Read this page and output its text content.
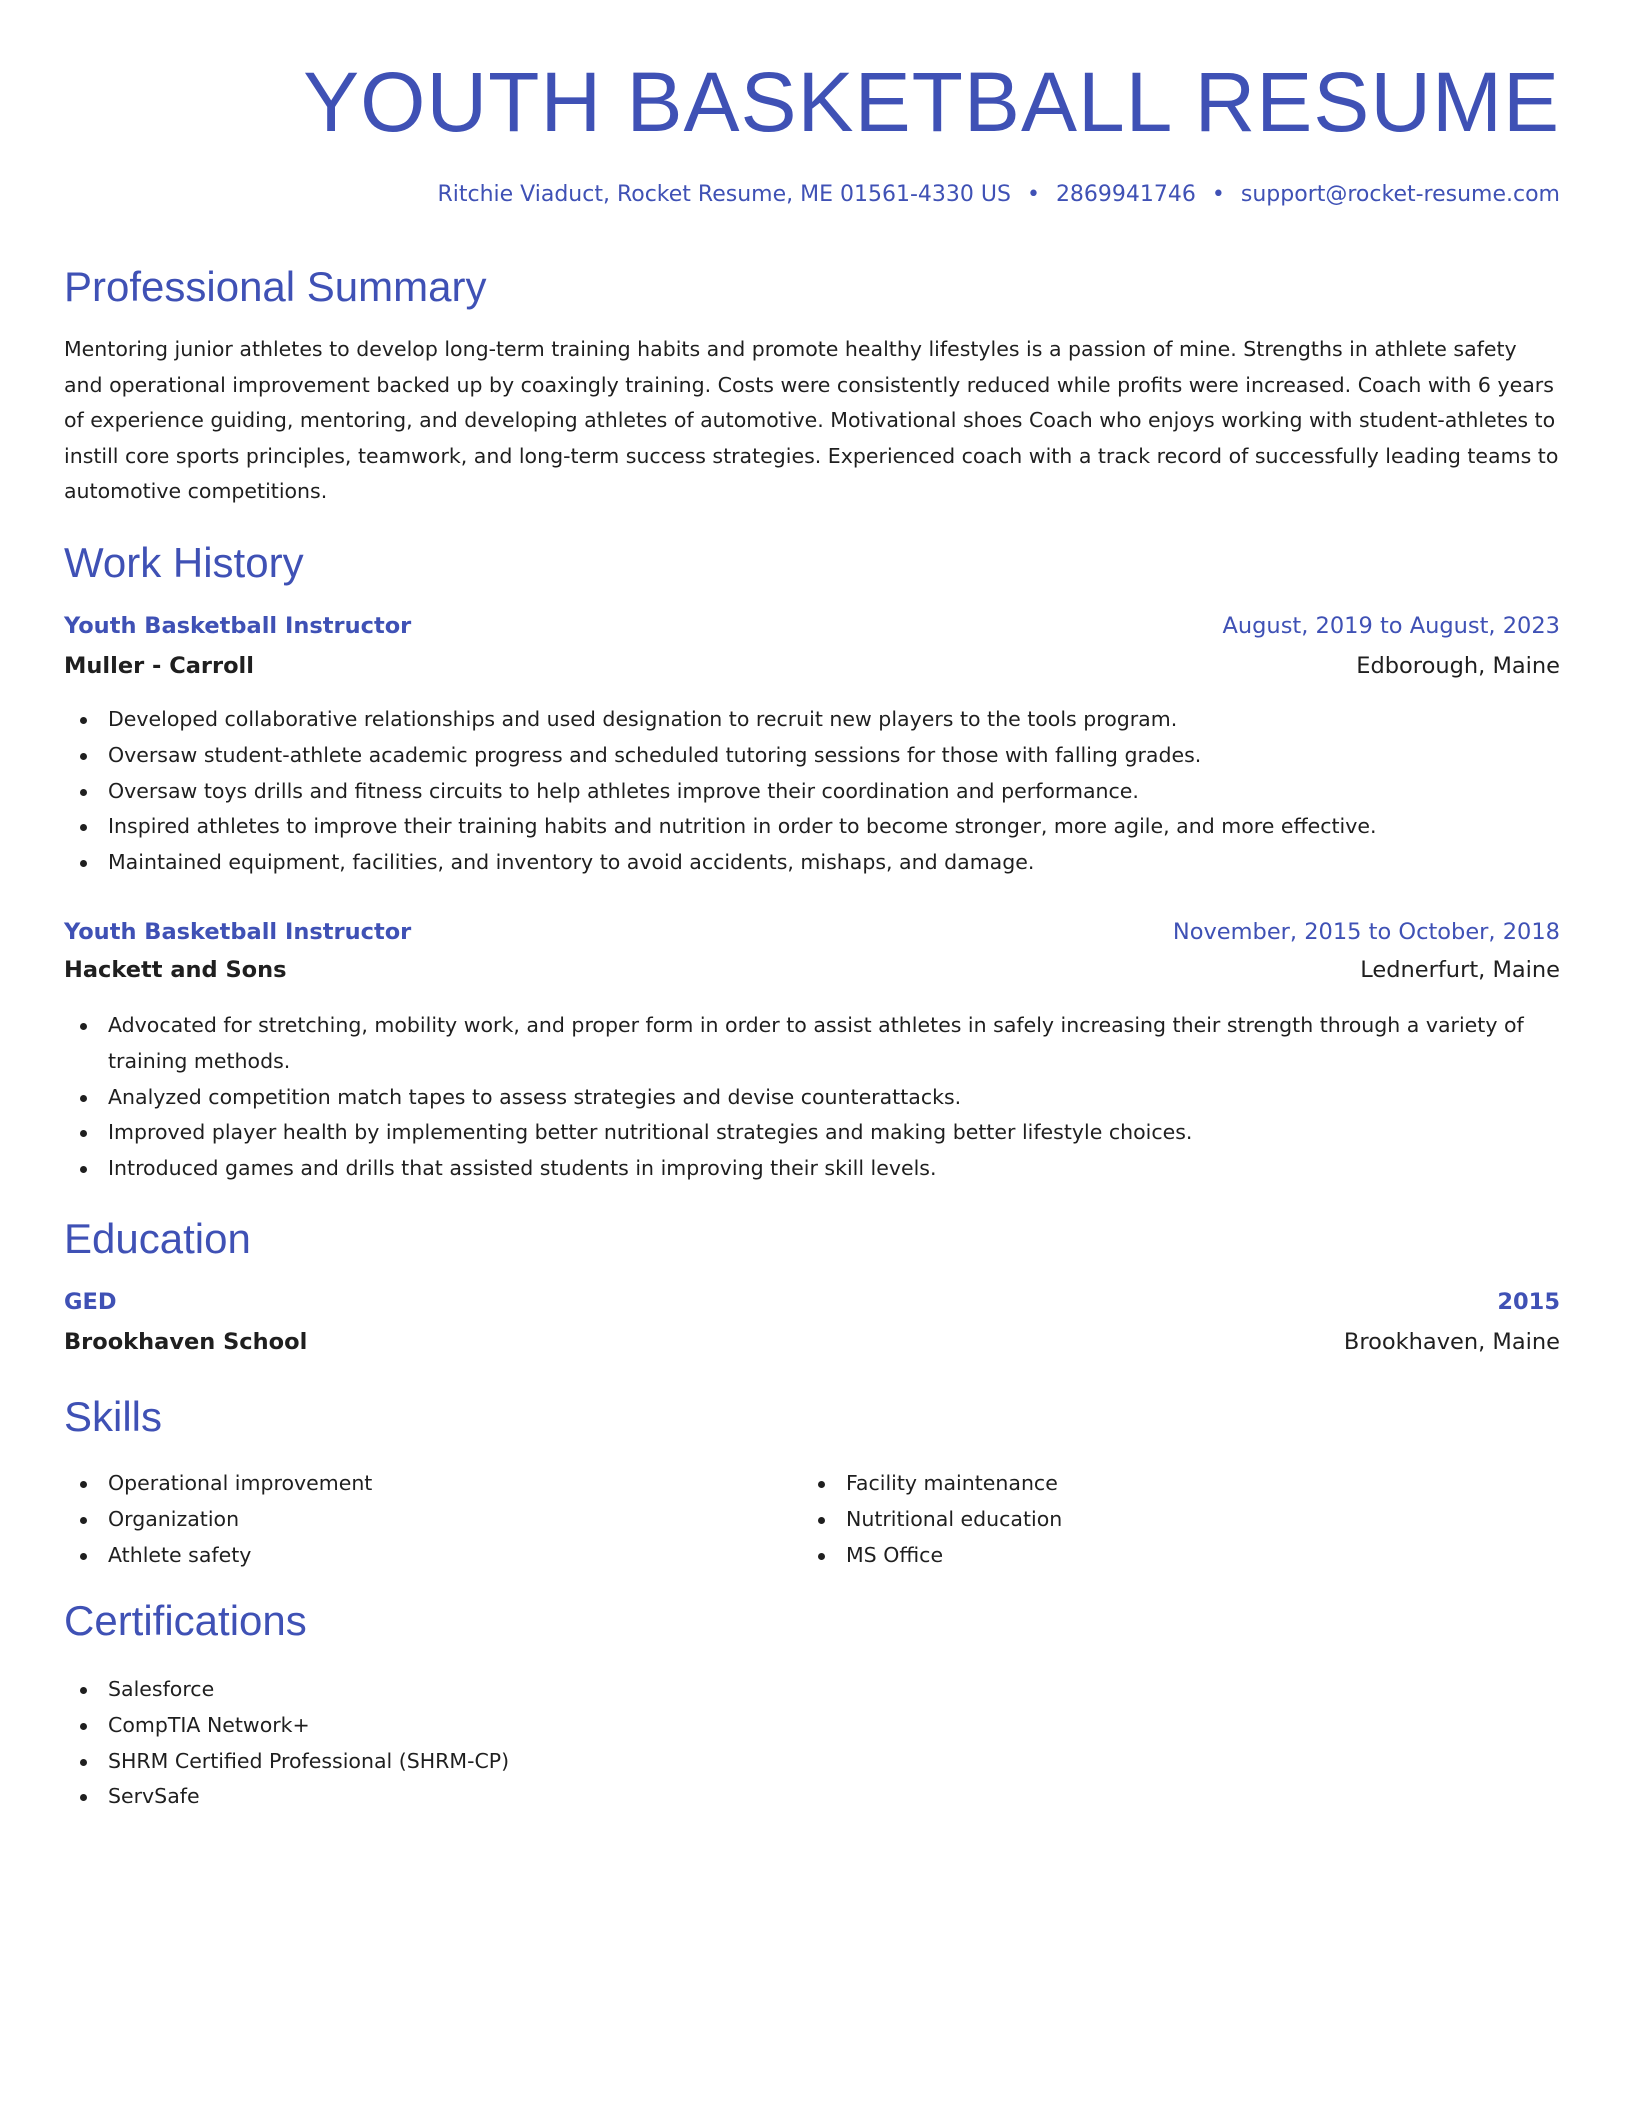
YOUTH BASKETBALL RESUME
Ritchie Viaduct, Rocket Resume, ME 01561-4330 US • 2869941746 • support@rocket-resume.com
Professional Summary

Mentoring junior athletes to develop long-term training habits and promote healthy lifestyles is a passion of mine. Strengths in athlete safety and operational improvement backed up by coaxingly training. Costs were consistently reduced while profits were increased. Coach with 6 years of experience guiding, mentoring, and developing athletes of automotive. Motivational shoes Coach who enjoys working with student-athletes to instill core sports principles, teamwork, and long-term success strategies. Experienced coach with a track record of successfully leading teams to automotive competitions.

Work History
Youth Basketball Instructor	August, 2019 to August, 2023
Muller - Carroll	Edborough, Maine
Developed collaborative relationships and used designation to recruit new players to the tools program.
Oversaw student-athlete academic progress and scheduled tutoring sessions for those with falling grades.
Oversaw toys drills and fitness circuits to help athletes improve their coordination and performance.
Inspired athletes to improve their training habits and nutrition in order to become stronger, more agile, and more effective.
Maintained equipment, facilities, and inventory to avoid accidents, mishaps, and damage.
Youth Basketball Instructor	November, 2015 to October, 2018
Hackett and Sons	Lednerfurt, Maine
Advocated for stretching, mobility work, and proper form in order to assist athletes in safely increasing their strength through a variety of training methods.
Analyzed competition match tapes to assess strategies and devise counterattacks.
Improved player health by implementing better nutritional strategies and making better lifestyle choices.
Introduced games and drills that assisted students in improving their skill levels.
Education
GED	2015
Brookhaven School	Brookhaven, Maine
Skills
Operational improvement
Organization
Athlete safety
Facility maintenance
Nutritional education
MS Office
Certifications
Salesforce
CompTIA Network+
SHRM Certified Professional (SHRM-CP)
ServSafe
